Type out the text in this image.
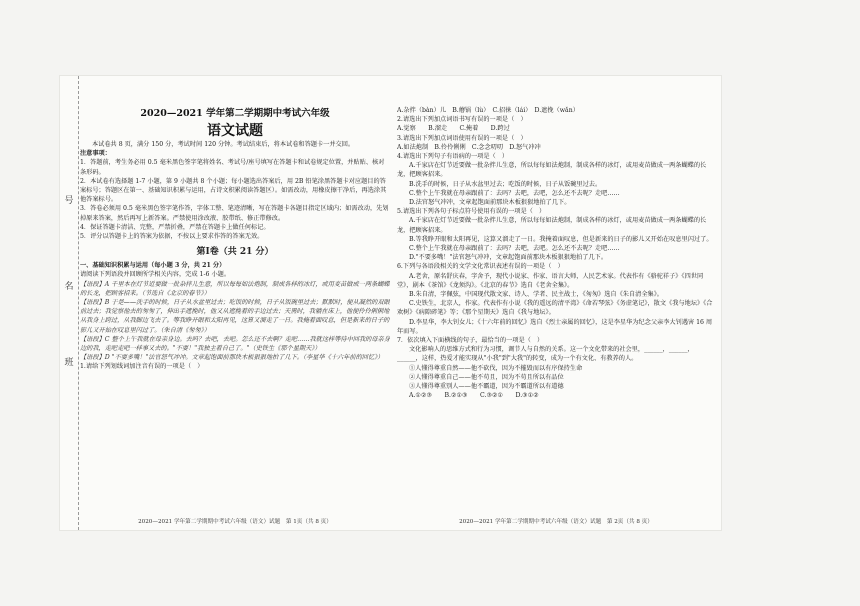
号
名
班
2020—2021 学年第二学期期中考试六年级
语文试题

本试卷共 8 页，满分 150 分，考试时间 120 分钟。考试结束后，将本试卷和答题卡一并交回。

注意事项：

1．答题前，考生务必用 0.5 毫米黑色签字笔将姓名、考试号/座号填写在答题卡和试卷规定位置，并贴贴、核对条形码。

2．本试卷有选择题 1-7 小题，第 9 小题共 8 个小题；每小题选出答案后，用 2B 铅笔涂黑答题卡对应题目的答案标号；答题区在第一、基础知识积累与运用，占诗文积累阅读答题区）。如需改动，用橡皮擦干净后，再选涂其他答案标号。

3．答卷必须用 0.5 毫米黑色签字笔作答，字体工整、笔迹清晰，写在答题卡各题目指定区域内；如需改动，先划掉原来答案，然后再写上新答案。严禁使用涂改液、胶带纸、修正带修改。

4．保证答题卡清洁、完整，严禁折叠，严禁在答题卡上做任何标记。

5．评分以答题卡上的答案为依据，不按以上要求作答的答案无效。

第Ⅰ卷（共 21 分）

一、基础知识积累与运用（每小题 3 分，共 21 分）

请阅读下列语段并回顾所学相关内容，完成 1-6 小题。

【语段】A 千里本在灯节近要做一批杂拌儿生意，所以每每如法炮制，制成各样的冰灯，或用麦苗做成一两条蝴蝶的长龙，把顾客招来。（节选自《北京的春节》）

【语段】B 于是——洗手的时候，日子从水盆里过去；吃饭的时候，日子从饭碗里过去；默默时，便从凝然的双眼前过去；我觉察他去的匆匆了，伸出手遮挽时，他又从遮挽着的手边过去；天黑时，我躺在床上，他便伶伶俐俐地从我身上跨过，从我脚边飞去了。等我睁开眼和太阳再见，这算又溜走了一日。我掩着面叹息，但是新来的日子的影儿又开始在叹息里闪过了。（朱自清《匆匆》）

【语段】C 整个上午我就在母亲身边。去吗？去吧，去吧。怎么还不去啊？走吧……我就这样等待中回我的母亲身边的我，走吧走吧一样事又去的。"不要！"我独主着自己了。"（史铁生《那个星期天》）

【语段】D "不要多嘴！"法官怒气冲冲。文章起饱面前那块木板狠狠地拍了几下。（李星华《十六年前的回忆》）

1.请给下列划线词加注音有误的一项是（　）

2020—2021 学年第二学期期中考试六年级（语文）试题　第 1页（共 8 页）

A.杂拌（bàn）儿　B.蘑锅（lù）　C.招徕（lái）　D.遮挽（wǎn）

2.请选出下列加点词语书写有误的一项是（　）

A.觉察　　B.溜走　　C.掩着　　D.跨过

3.请选出下列加点词语使用有误的一项是（　）

A.如法炮制　B.伶伶俐俐　C.念念叨叨　D.怒气冲冲

4.请选出下列句子有语病的一项是（　）

A.千家店在灯节近要做一批杂拌儿生意，所以每每如法炮制，制成各样的冰灯，或用麦苗做成一两条蝴蝶的长龙，把顾客招来。

B.洗手的时候，日子从水盆里过去；吃饭的时候，日子从饭碗里过去。

C.整个上午我就在母亲跟前了：去吗？去吧，去吧，怎么还不去呢？走吧……

D.法官怒气冲冲，文章起饱面前那块木板狠狠地拍了几下。

5.请选出下列各句子标点符号使用有误的一项是（　）

A.千家店在灯节近要做一批杂拌儿生意，所以每每如法炮制，制成各样的冰灯，或用麦苗做成一两条蝴蝶的长龙，把顾客招来。

B.等我睁开眼和太阳再见，这算又溜走了一日。我掩着面叹息，但是新来的日子的影儿又开始在叹息里闪过了。

C.整个上午我就在母亲跟前了：去吗？去吧，去吧。怎么还不去呢？走吧……

D."不要多嘴！"法官怒气冲冲，文章起饱面前那块木板狠狠地拍了几下。

6.下列与各语段相关的文学文化常识表述有误的一项是（　）

A.老舍，原名舒庆春，字舍予，现代小说家、作家、语言大师，人民艺术家。代表作有《骆驼祥子》《四世同堂》，剧本《茶馆》《龙须沟》。《北京的春节》选自《老舍全集》。

B.朱自清，字佩弦，中国现代散文家、诗人、学者、民主战士，《匆匆》选自《朱自清全集》。

C.史铁生，北京人，作家。代表作有小说《我的遥远的清平湾》《命若琴弦》《务虚笔记》，散文《我与地坛》《合欢树》《病隙碎笔》等；《那个星期天》选自《我与地坛》。

D.李星华，李大钊女儿；《十六年前的回忆》选自《烈士亲属的回忆》，这是李星华为纪念父亲李大钊遇害 16 周年而写。

7．依次填入下面横线的句子，最恰当的一项是（　）

文化影响人的思维方式和行为习惯，调节人与自然的关系。这一个文化带来的社会里，______，______，______，这样，热爱才能实现从"小我"到"大我"的转变，成为一个有文化、有教养的人。

①人懂得尊重自然——他不砍伐，因为不摧毁而以有序保持生命

②人懂得尊重自己——他不苟且，因为不苟且所以有品位

③人懂得尊重别人——他不霸道，因为不霸道所以有道德

A.①②③　　B.②①③　　C.③②①　　D.③①②

2020—2021 学年第二学期期中考试六年级（语文）试题　第 2页（共 8 页）
